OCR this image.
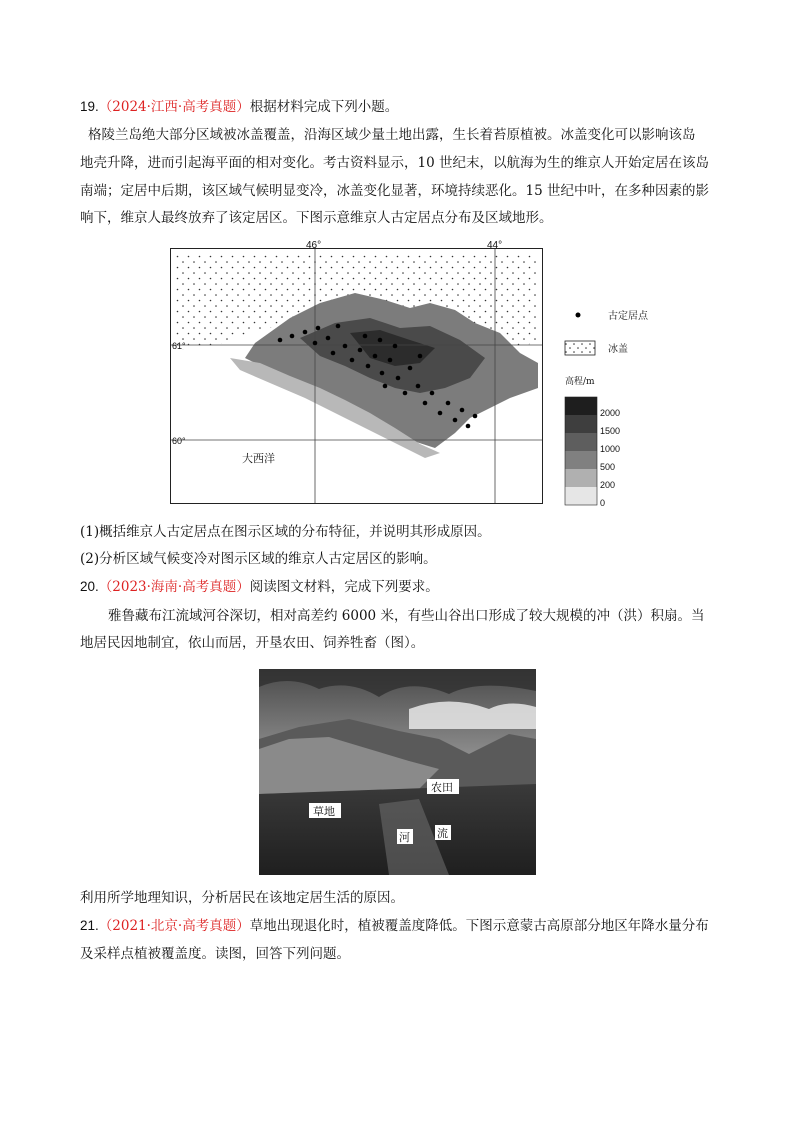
19.（2024·江西·高考真题）根据材料完成下列小题。
格陵兰岛绝大部分区域被冰盖覆盖，沿海区域少量土地出露，生长着苔原植被。冰盖变化可以影响该岛
地壳升降，进而引起海平面的相对变化。考古资料显示，10 世纪末，以航海为生的维京人开始定居在该岛
南端；定居中后期，该区域气候明显变冷，冰盖变化显著，环境持续恶化。15 世纪中叶，在多种因素的影
响下，维京人最终放弃了该定居区。下图示意维京人古定居点分布及区域地形。
61°
60°
大西洋
46°	44°
古定居点
冰盖
高程/m
2000
1500
1000
500
200
0
(1)概括维京人古定居点在图示区域的分布特征，并说明其形成原因。
(2)分析区域气候变冷对图示区域的维京人古定居区的影响。
20.（2023·海南·高考真题）阅读图文材料，完成下列要求。
雅鲁藏布江流域河谷深切，相对高差约 6000 米，有些山谷出口形成了较大规模的冲（洪）积扇。当
地居民因地制宜，依山而居，开垦农田、饲养牲畜（图）。
农田
草地
河 流
利用所学地理知识，分析居民在该地定居生活的原因。
21.（2021·北京·高考真题）草地出现退化时，植被覆盖度降低。下图示意蒙古高原部分地区年降水量分布
及采样点植被覆盖度。读图，回答下列问题。
